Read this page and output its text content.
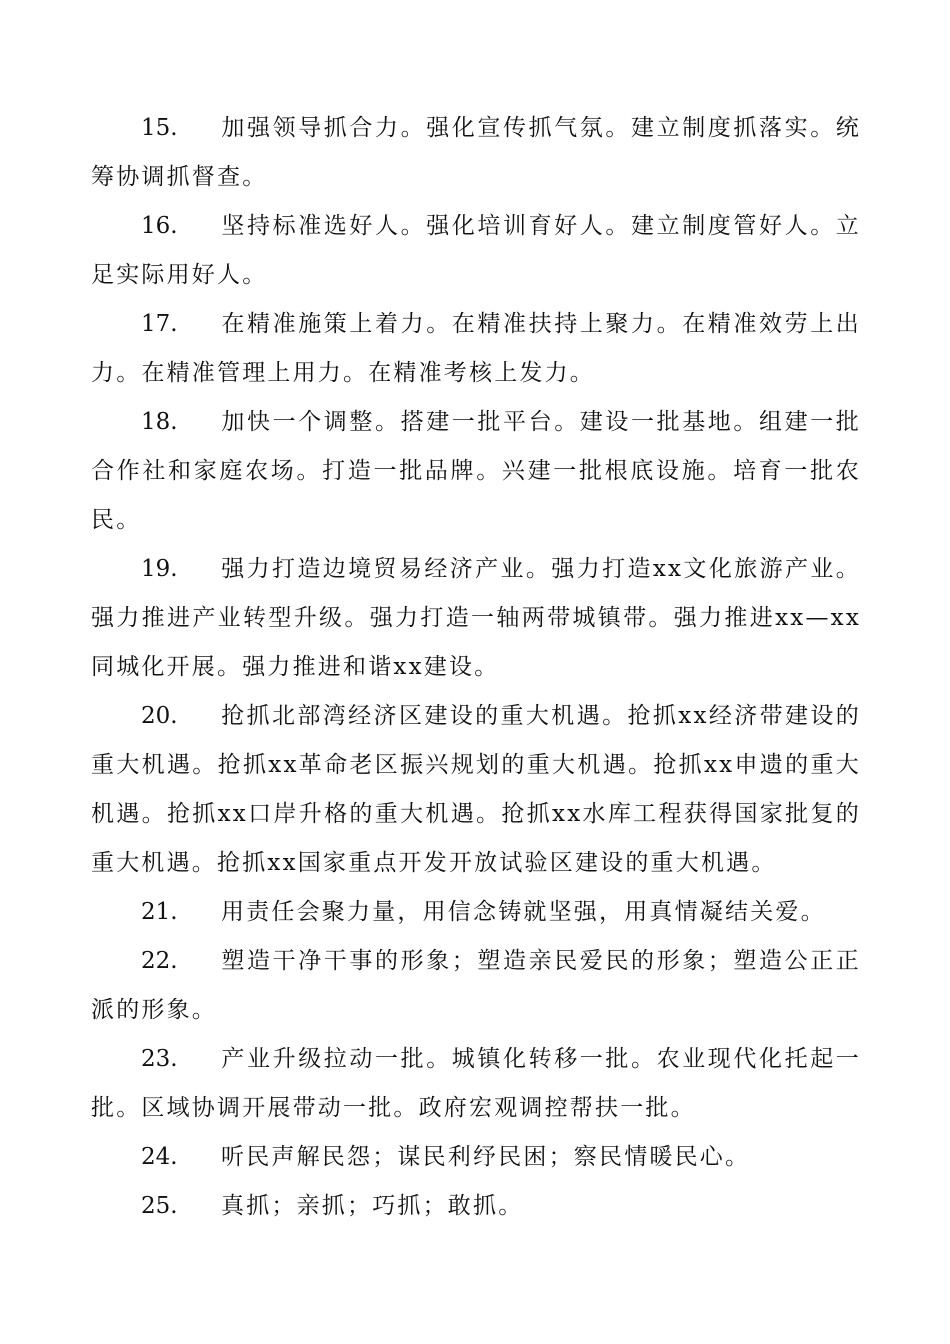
15. 加强领导抓合力。强化宣传抓气氛。建立制度抓落实。统筹协调抓督查。

16. 坚持标准选好人。强化培训育好人。建立制度管好人。立足实际用好人。

17. 在精准施策上着力。在精准扶持上聚力。在精准效劳上出力。在精准管理上用力。在精准考核上发力。

18. 加快一个调整。搭建一批平台。建设一批基地。组建一批合作社和家庭农场。打造一批品牌。兴建一批根底设施。培育一批农民。

19. 强力打造边境贸易经济产业。强力打造xx文化旅游产业。强力推进产业转型升级。强力打造一轴两带城镇带。强力推进xx—xx同城化开展。强力推进和谐xx建设。

20. 抢抓北部湾经济区建设的重大机遇。抢抓xx经济带建设的重大机遇。抢抓xx革命老区振兴规划的重大机遇。抢抓xx申遗的重大机遇。抢抓xx口岸升格的重大机遇。抢抓xx水库工程获得国家批复的重大机遇。抢抓xx国家重点开发开放试验区建设的重大机遇。

21. 用责任会聚力量，用信念铸就坚强，用真情凝结关爱。

22. 塑造干净干事的形象；塑造亲民爱民的形象；塑造公正正派的形象。

23. 产业升级拉动一批。城镇化转移一批。农业现代化托起一批。区域协调开展带动一批。政府宏观调控帮扶一批。

24. 听民声解民怨；谋民利纾民困；察民情暖民心。

25. 真抓；亲抓；巧抓；敢抓。
